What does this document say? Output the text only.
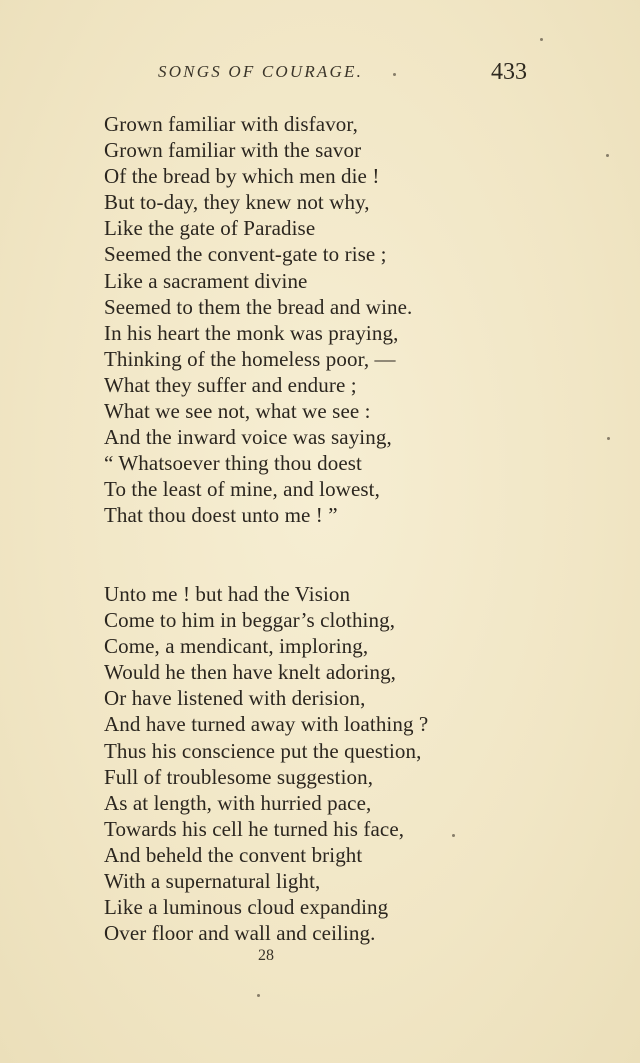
SONGS OF COURAGE.	433
Grown familiar with disfavor,
Grown familiar with the savor
Of the bread by which men die !
But to-day, they knew not why,
Like the gate of Paradise
Seemed the convent-gate to rise ;
Like a sacrament divine
Seemed to them the bread and wine.
In his heart the monk was praying,
Thinking of the homeless poor, —
What they suffer and endure ;
What we see not, what we see :
And the inward voice was saying,
“ Whatsoever thing thou doest
To the least of mine, and lowest,
That thou doest unto me ! ”
Unto me ! but had the Vision
Come to him in beggar’s clothing,
Come, a mendicant, imploring,
Would he then have knelt adoring,
Or have listened with derision,
And have turned away with loathing ?
Thus his conscience put the question,
Full of troublesome suggestion,
As at length, with hurried pace,
Towards his cell he turned his face,
And beheld the convent bright
With a supernatural light,
Like a luminous cloud expanding
Over floor and wall and ceiling.
28
